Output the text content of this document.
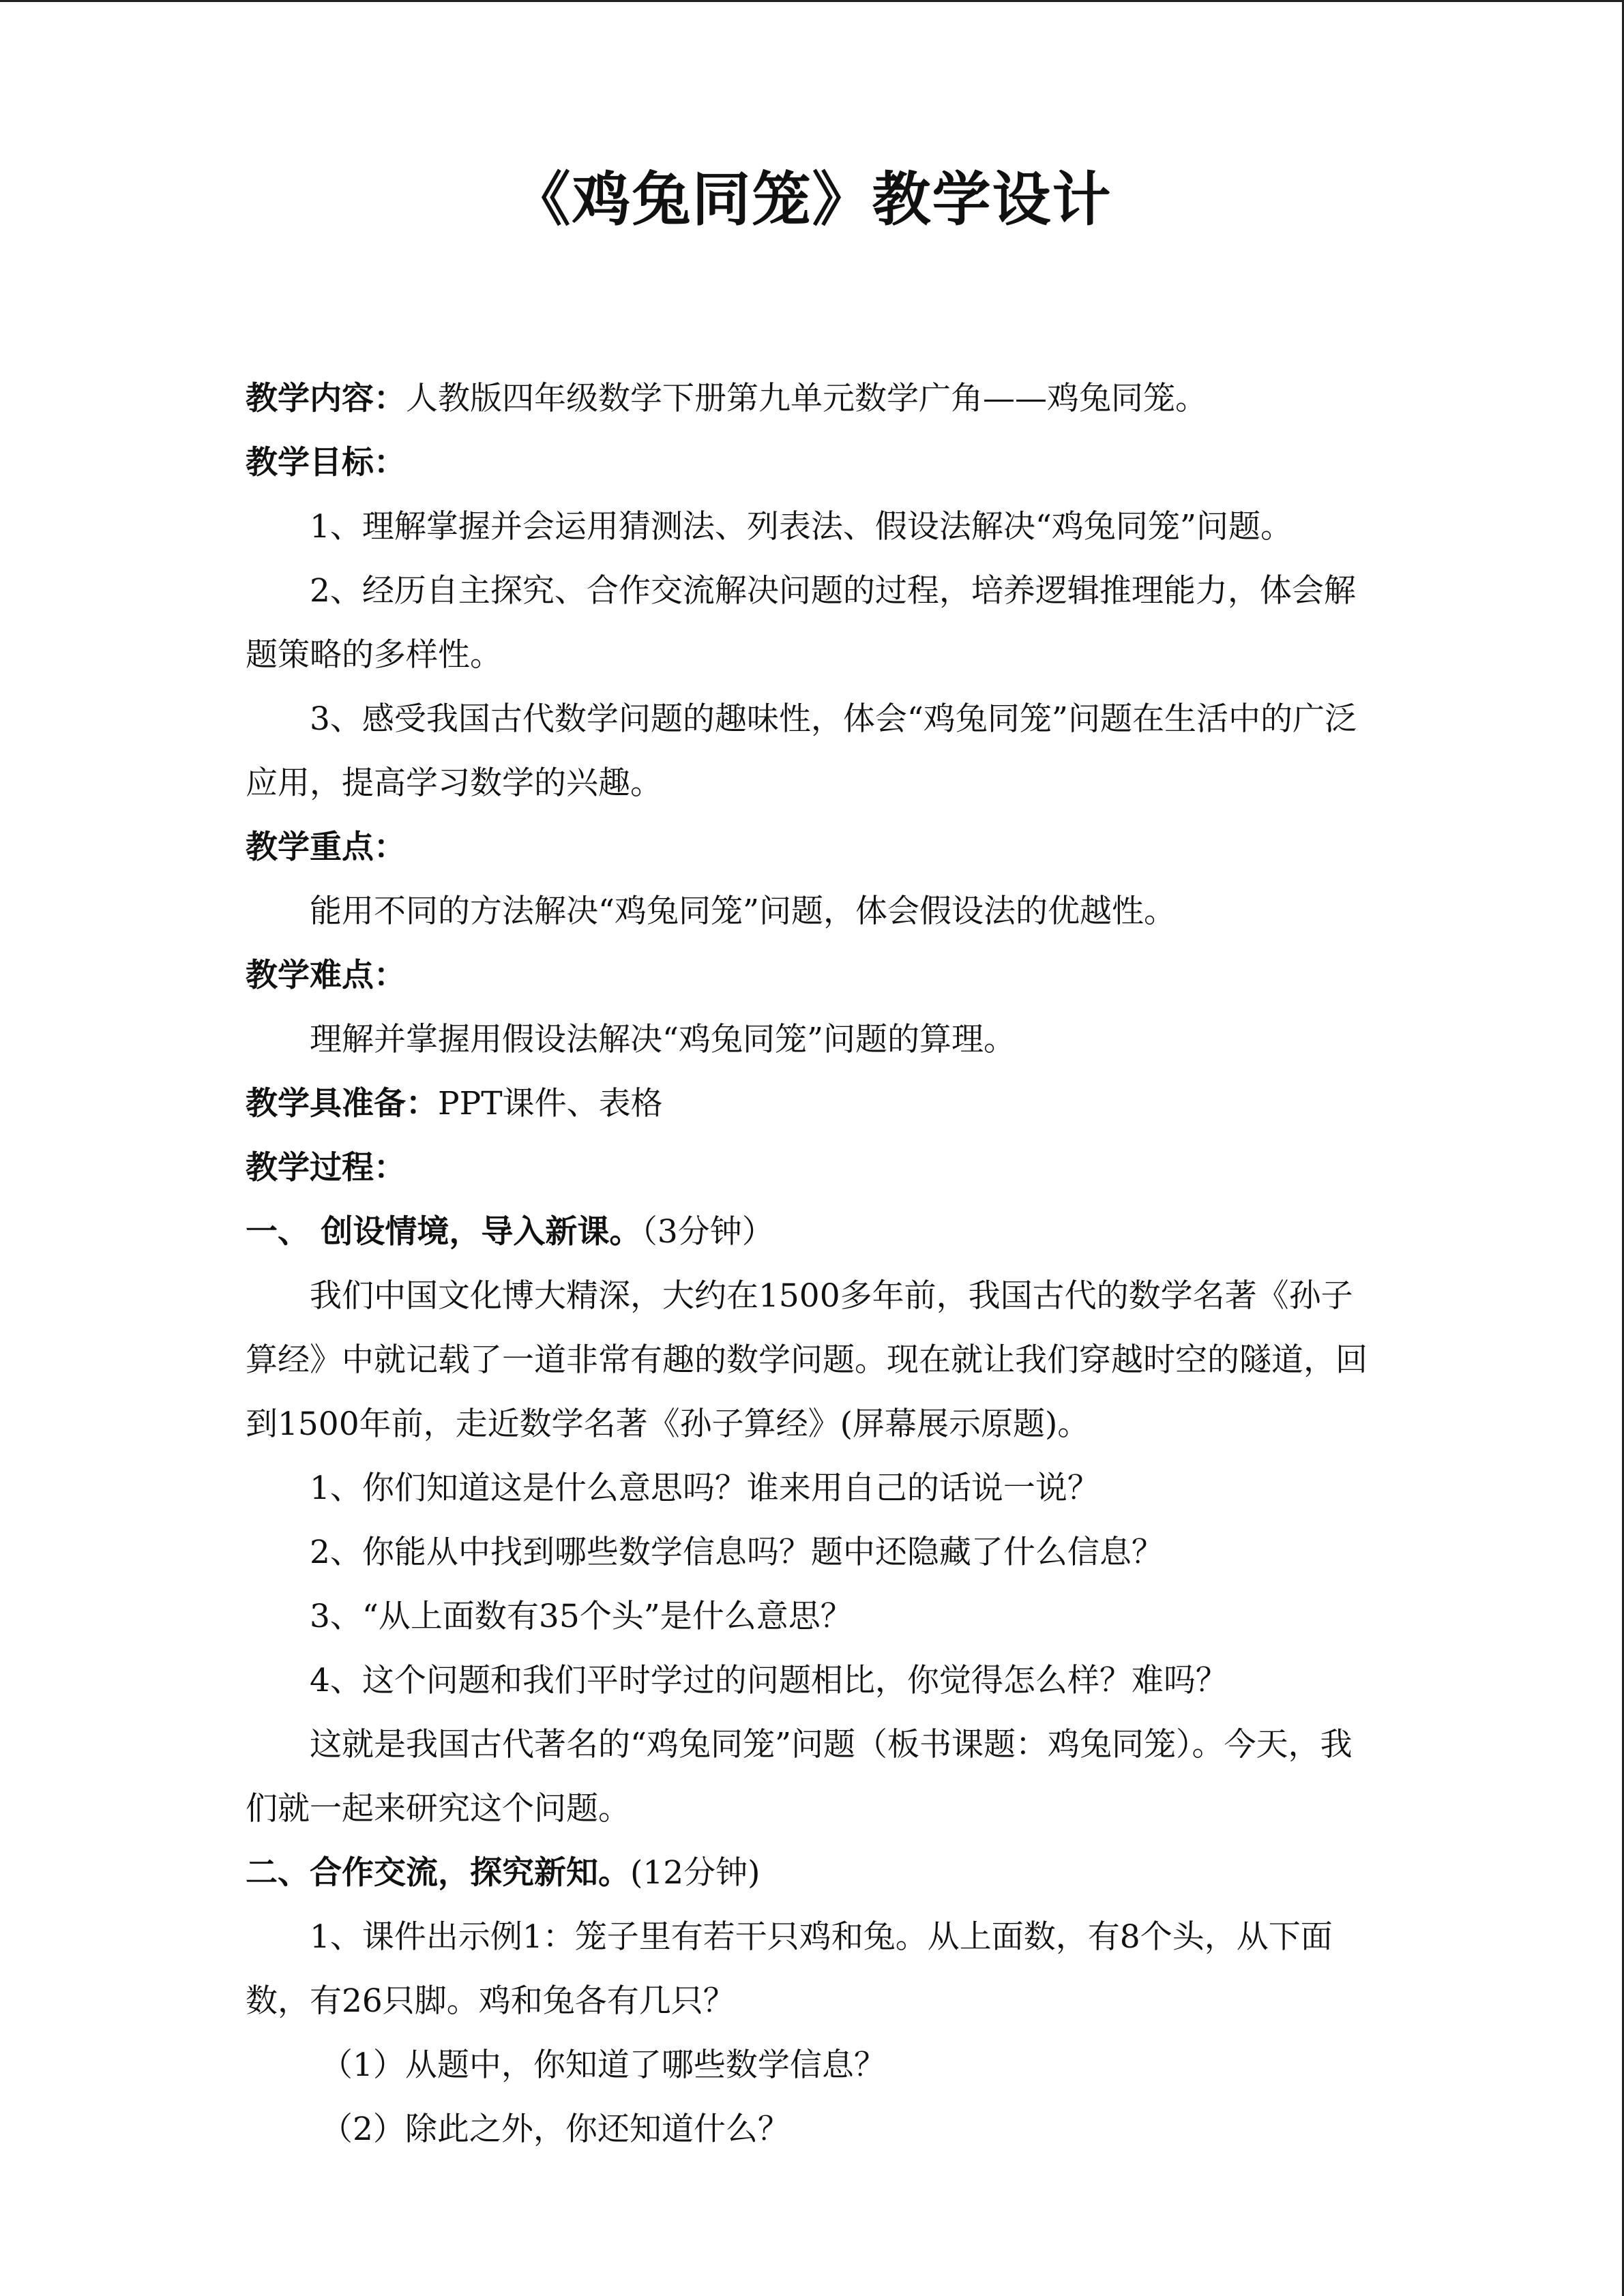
《鸡兔同笼》教学设计

教学内容：人教版四年级数学下册第九单元数学广角——鸡兔同笼。

教学目标：

1、理解掌握并会运用猜测法、列表法、假设法解决“鸡兔同笼”问题。

2、经历自主探究、合作交流解决问题的过程，培养逻辑推理能力，体会解题策略的多样性。

3、感受我国古代数学问题的趣味性，体会“鸡兔同笼”问题在生活中的广泛应用，提高学习数学的兴趣。

教学重点：

能用不同的方法解决“鸡兔同笼”问题，体会假设法的优越性。

教学难点：

理解并掌握用假设法解决“鸡兔同笼”问题的算理。

教学具准备：PPT课件、表格

教学过程：

一、 创设情境，导入新课。（3分钟）

我们中国文化博大精深，大约在1500多年前，我国古代的数学名著《孙子算经》中就记载了一道非常有趣的数学问题。现在就让我们穿越时空的隧道，回到1500年前，走近数学名著《孙子算经》(屏幕展示原题)。

1、你们知道这是什么意思吗？谁来用自己的话说一说？

2、你能从中找到哪些数学信息吗？题中还隐藏了什么信息？

3、“从上面数有35个头”是什么意思？

4、这个问题和我们平时学过的问题相比，你觉得怎么样？难吗？

这就是我国古代著名的“鸡兔同笼”问题（板书课题：鸡兔同笼）。今天，我们就一起来研究这个问题。

二、合作交流，探究新知。(12分钟)

1、课件出示例1：笼子里有若干只鸡和兔。从上面数，有8个头，从下面数，有26只脚。鸡和兔各有几只？

（1）从题中，你知道了哪些数学信息？

（2）除此之外，你还知道什么？
